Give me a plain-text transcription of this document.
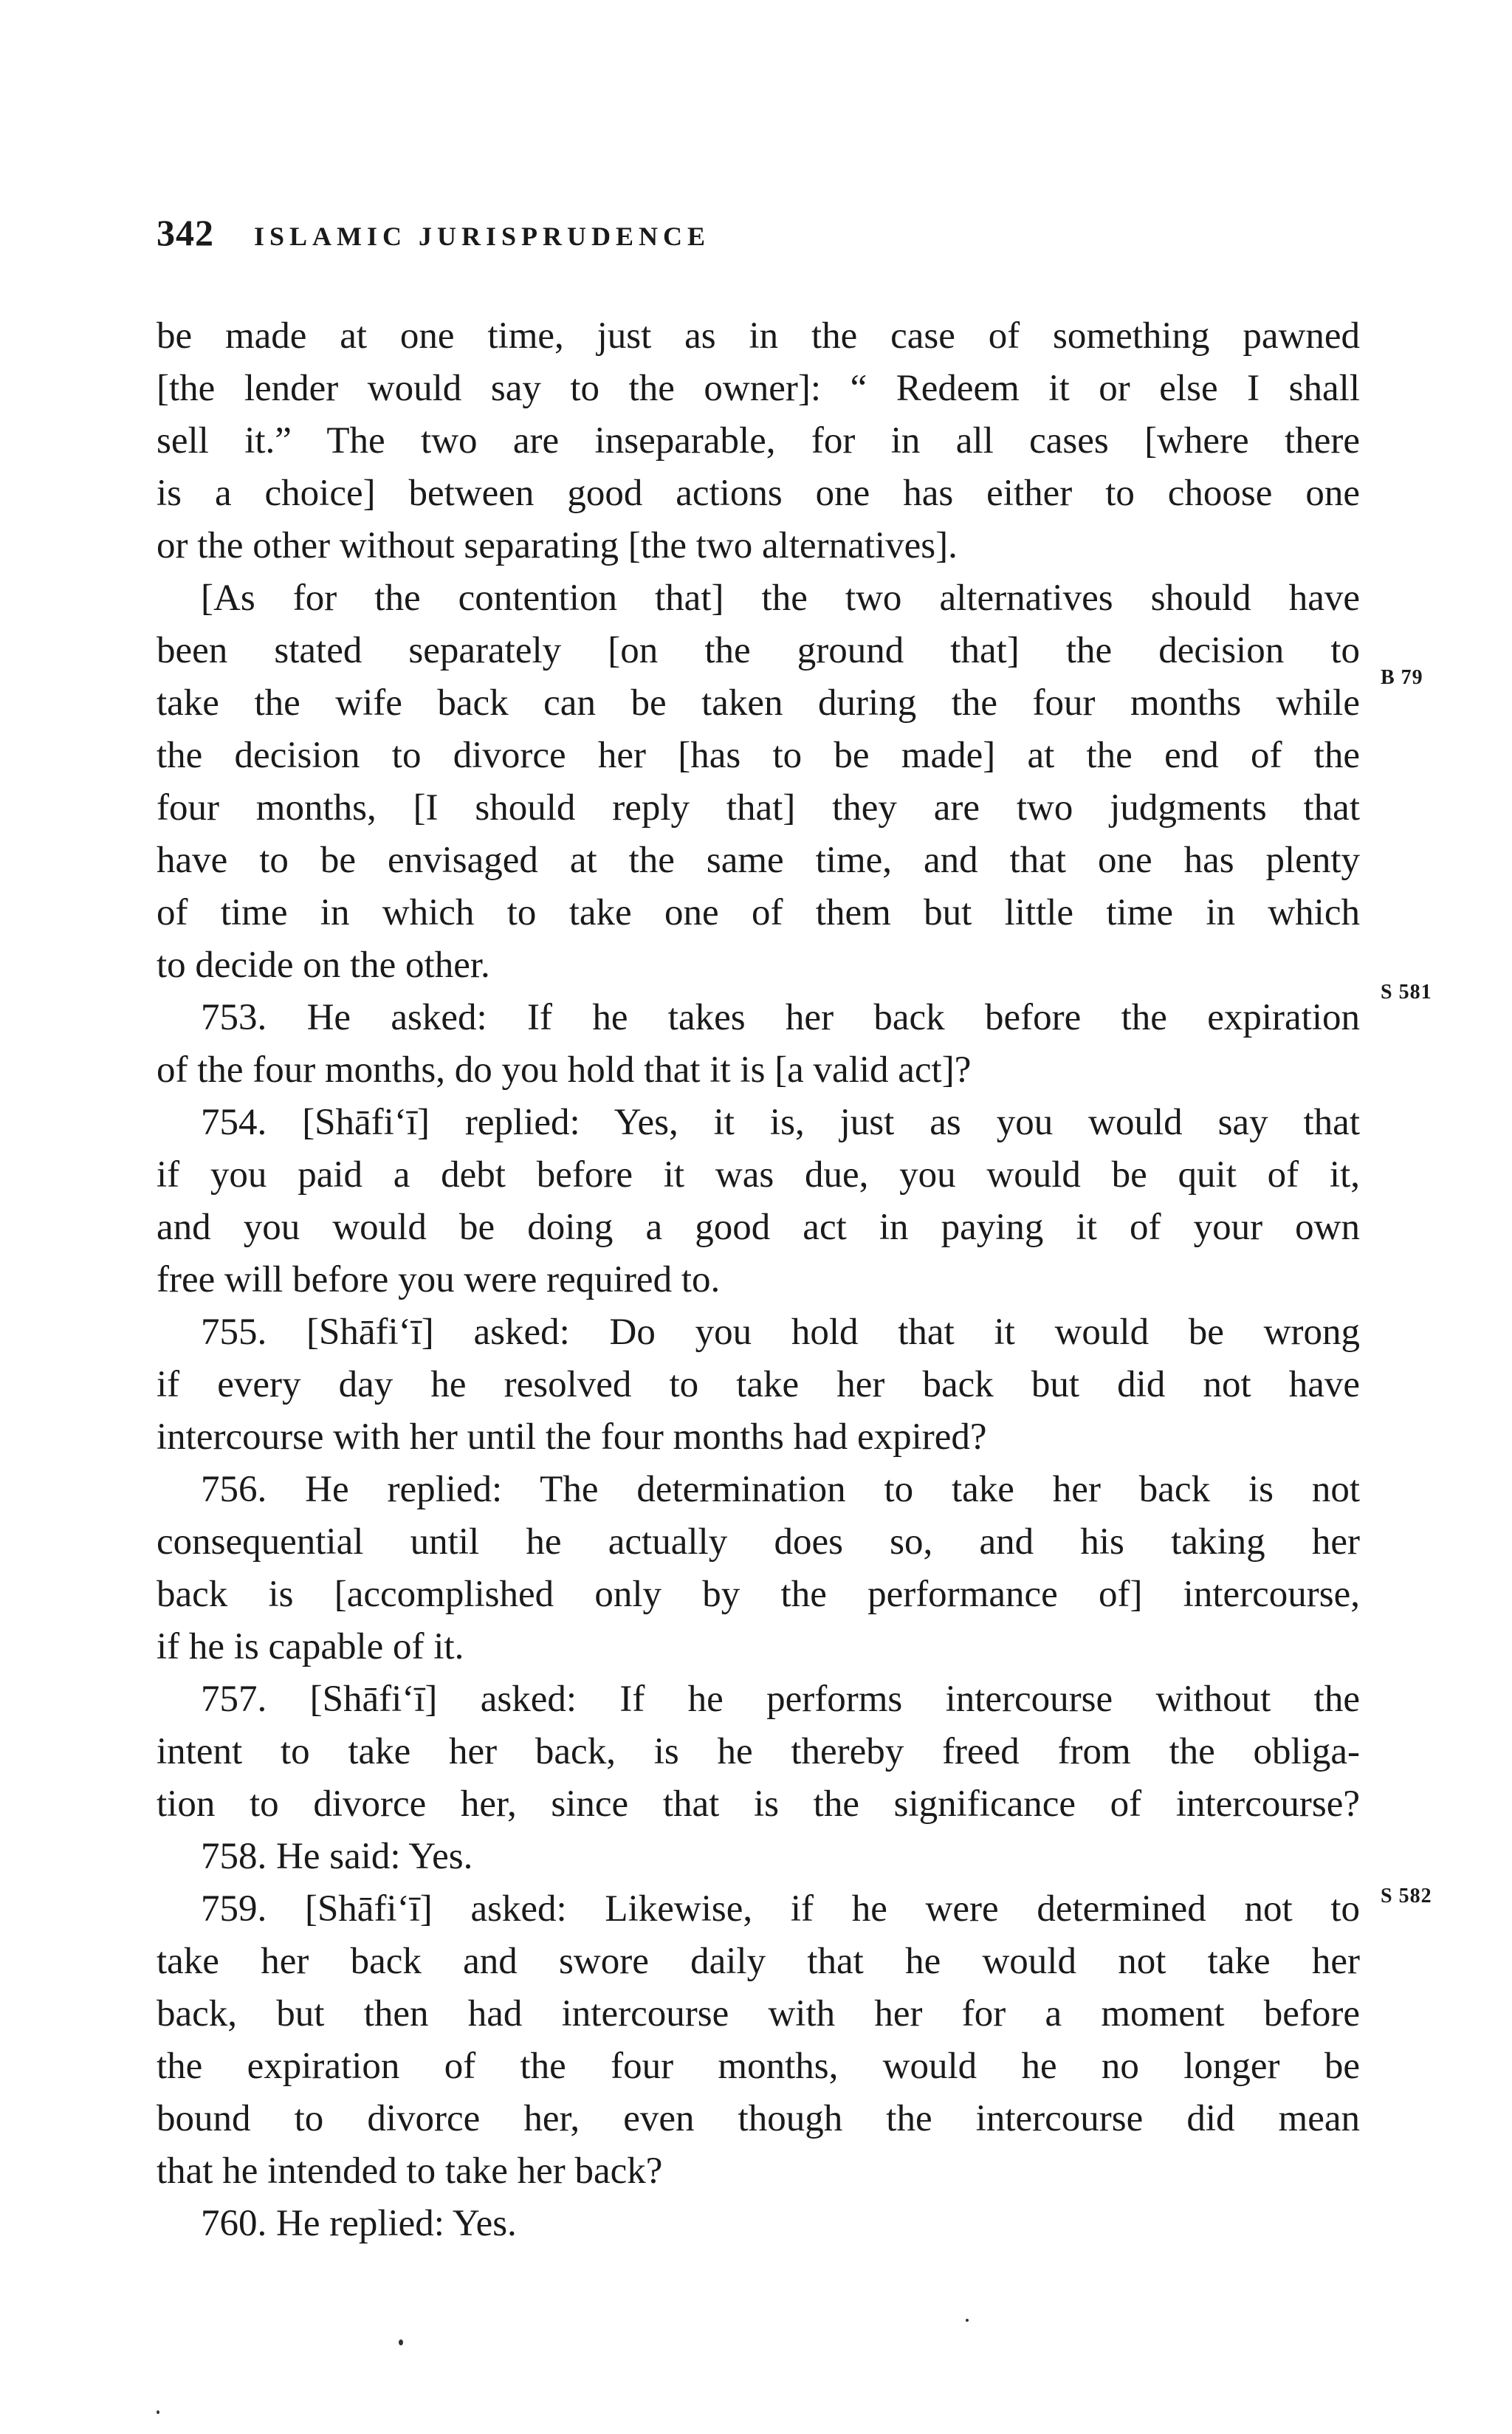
342 ISLAMIC JURISPRUDENCE
be made at one time, just as in the case of something pawned
[the lender would say to the owner]: “ Redeem it or else I shall
sell it.” The two are inseparable, for in all cases [where there
is a choice] between good actions one has either to choose one
or the other without separating [the two alternatives].
[As for the contention that] the two alternatives should have
been stated separately [on the ground that] the decision to
take the wife back can be taken during the four months while
the decision to divorce her [has to be made] at the end of the
four months, [I should reply that] they are two judgments that
have to be envisaged at the same time, and that one has plenty
of time in which to take one of them but little time in which
to decide on the other.
753. He asked: If he takes her back before the expiration
of the four months, do you hold that it is [a valid act]?
754. [Shāfiʻī] replied: Yes, it is, just as you would say that
if you paid a debt before it was due, you would be quit of it,
and you would be doing a good act in paying it of your own
free will before you were required to.
755. [Shāfiʻī] asked: Do you hold that it would be wrong
if every day he resolved to take her back but did not have
intercourse with her until the four months had expired?
756. He replied: The determination to take her back is not
consequential until he actually does so, and his taking her
back is [accomplished only by the performance of] intercourse,
if he is capable of it.
757. [Shāfiʻī] asked: If he performs intercourse without the
intent to take her back, is he thereby freed from the obliga-
tion to divorce her, since that is the significance of intercourse?
758. He said: Yes.
759. [Shāfiʻī] asked: Likewise, if he were determined not to
take her back and swore daily that he would not take her
back, but then had intercourse with her for a moment before
the expiration of the four months, would he no longer be
bound to divorce her, even though the intercourse did mean
that he intended to take her back?
760. He replied: Yes.
B 79
S 581
S 582
